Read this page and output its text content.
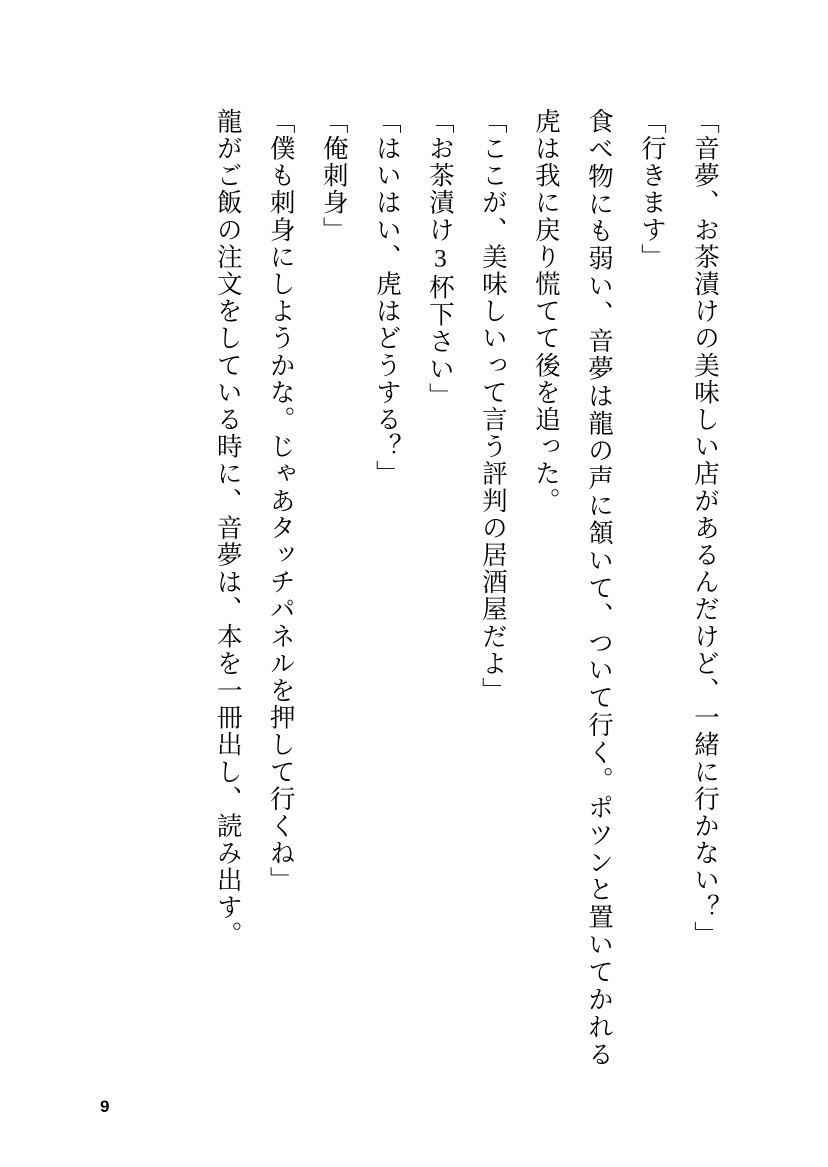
「音夢、お茶漬けの美味しい店があるんだけど、一緒に行かない？」

「行きます」

食べ物にも弱い、音夢は龍の声に頷いて、ついて行く。ポツンと置いてかれる虎は我に戻り慌てて後を追った。

「ここが、美味しいって言う評判の居酒屋だよ」

「お茶漬け3杯下さい」

「はいはい、虎はどうする？」

「俺刺身」

「僕も刺身にしようかな。じゃあタッチパネルを押して行くね」

龍がご飯の注文をしている時に、音夢は、本を一冊出し、読み出す。

9
